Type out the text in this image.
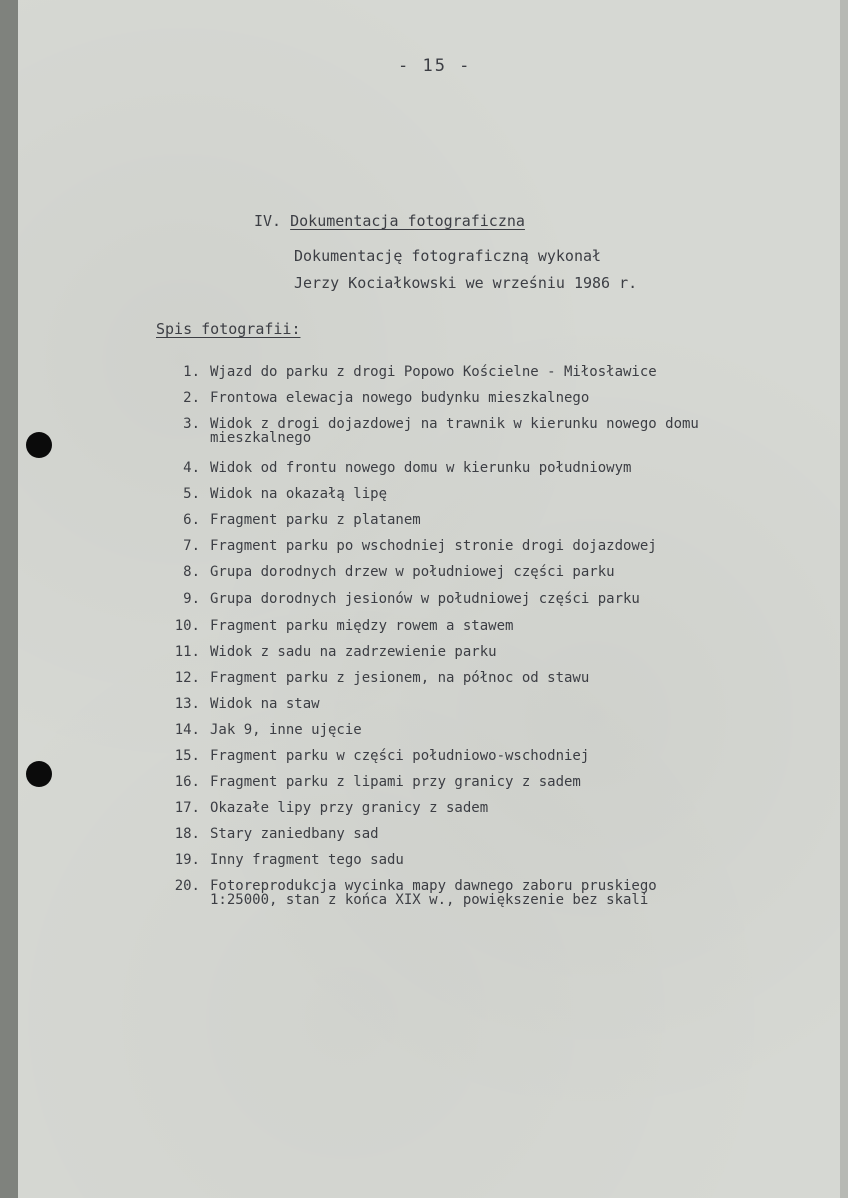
- 15 -
IV. Dokumentacja fotograficzna
Dokumentację fotograficzną wykonał
Jerzy Kociałkowski we wrześniu 1986 r.
Spis fotografii:
1. Wjazd do parku z drogi Popowo Kościelne - Miłosławice
2. Frontowa elewacja nowego budynku mieszkalnego
3. Widok z drogi dojazdowej na trawnik w kierunku nowego domu
mieszkalnego
4. Widok od frontu nowego domu w kierunku południowym
5. Widok na okazałą lipę
6. Fragment parku z platanem
7. Fragment parku po wschodniej stronie drogi dojazdowej
8. Grupa dorodnych drzew w południowej części parku
9. Grupa dorodnych jesionów w południowej części parku
10. Fragment parku między rowem a stawem
11. Widok z sadu na zadrzewienie parku
12. Fragment parku z jesionem, na północ od stawu
13. Widok na staw
14. Jak 9, inne ujęcie
15. Fragment parku w części południowo-wschodniej
16. Fragment parku z lipami przy granicy z sadem
17. Okazałe lipy przy granicy z sadem
18. Stary zaniedbany sad
19. Inny fragment tego sadu
20. Fotoreprodukcja wycinka mapy dawnego zaboru pruskiego
1:25000, stan z końca XIX w., powiększenie bez skali
